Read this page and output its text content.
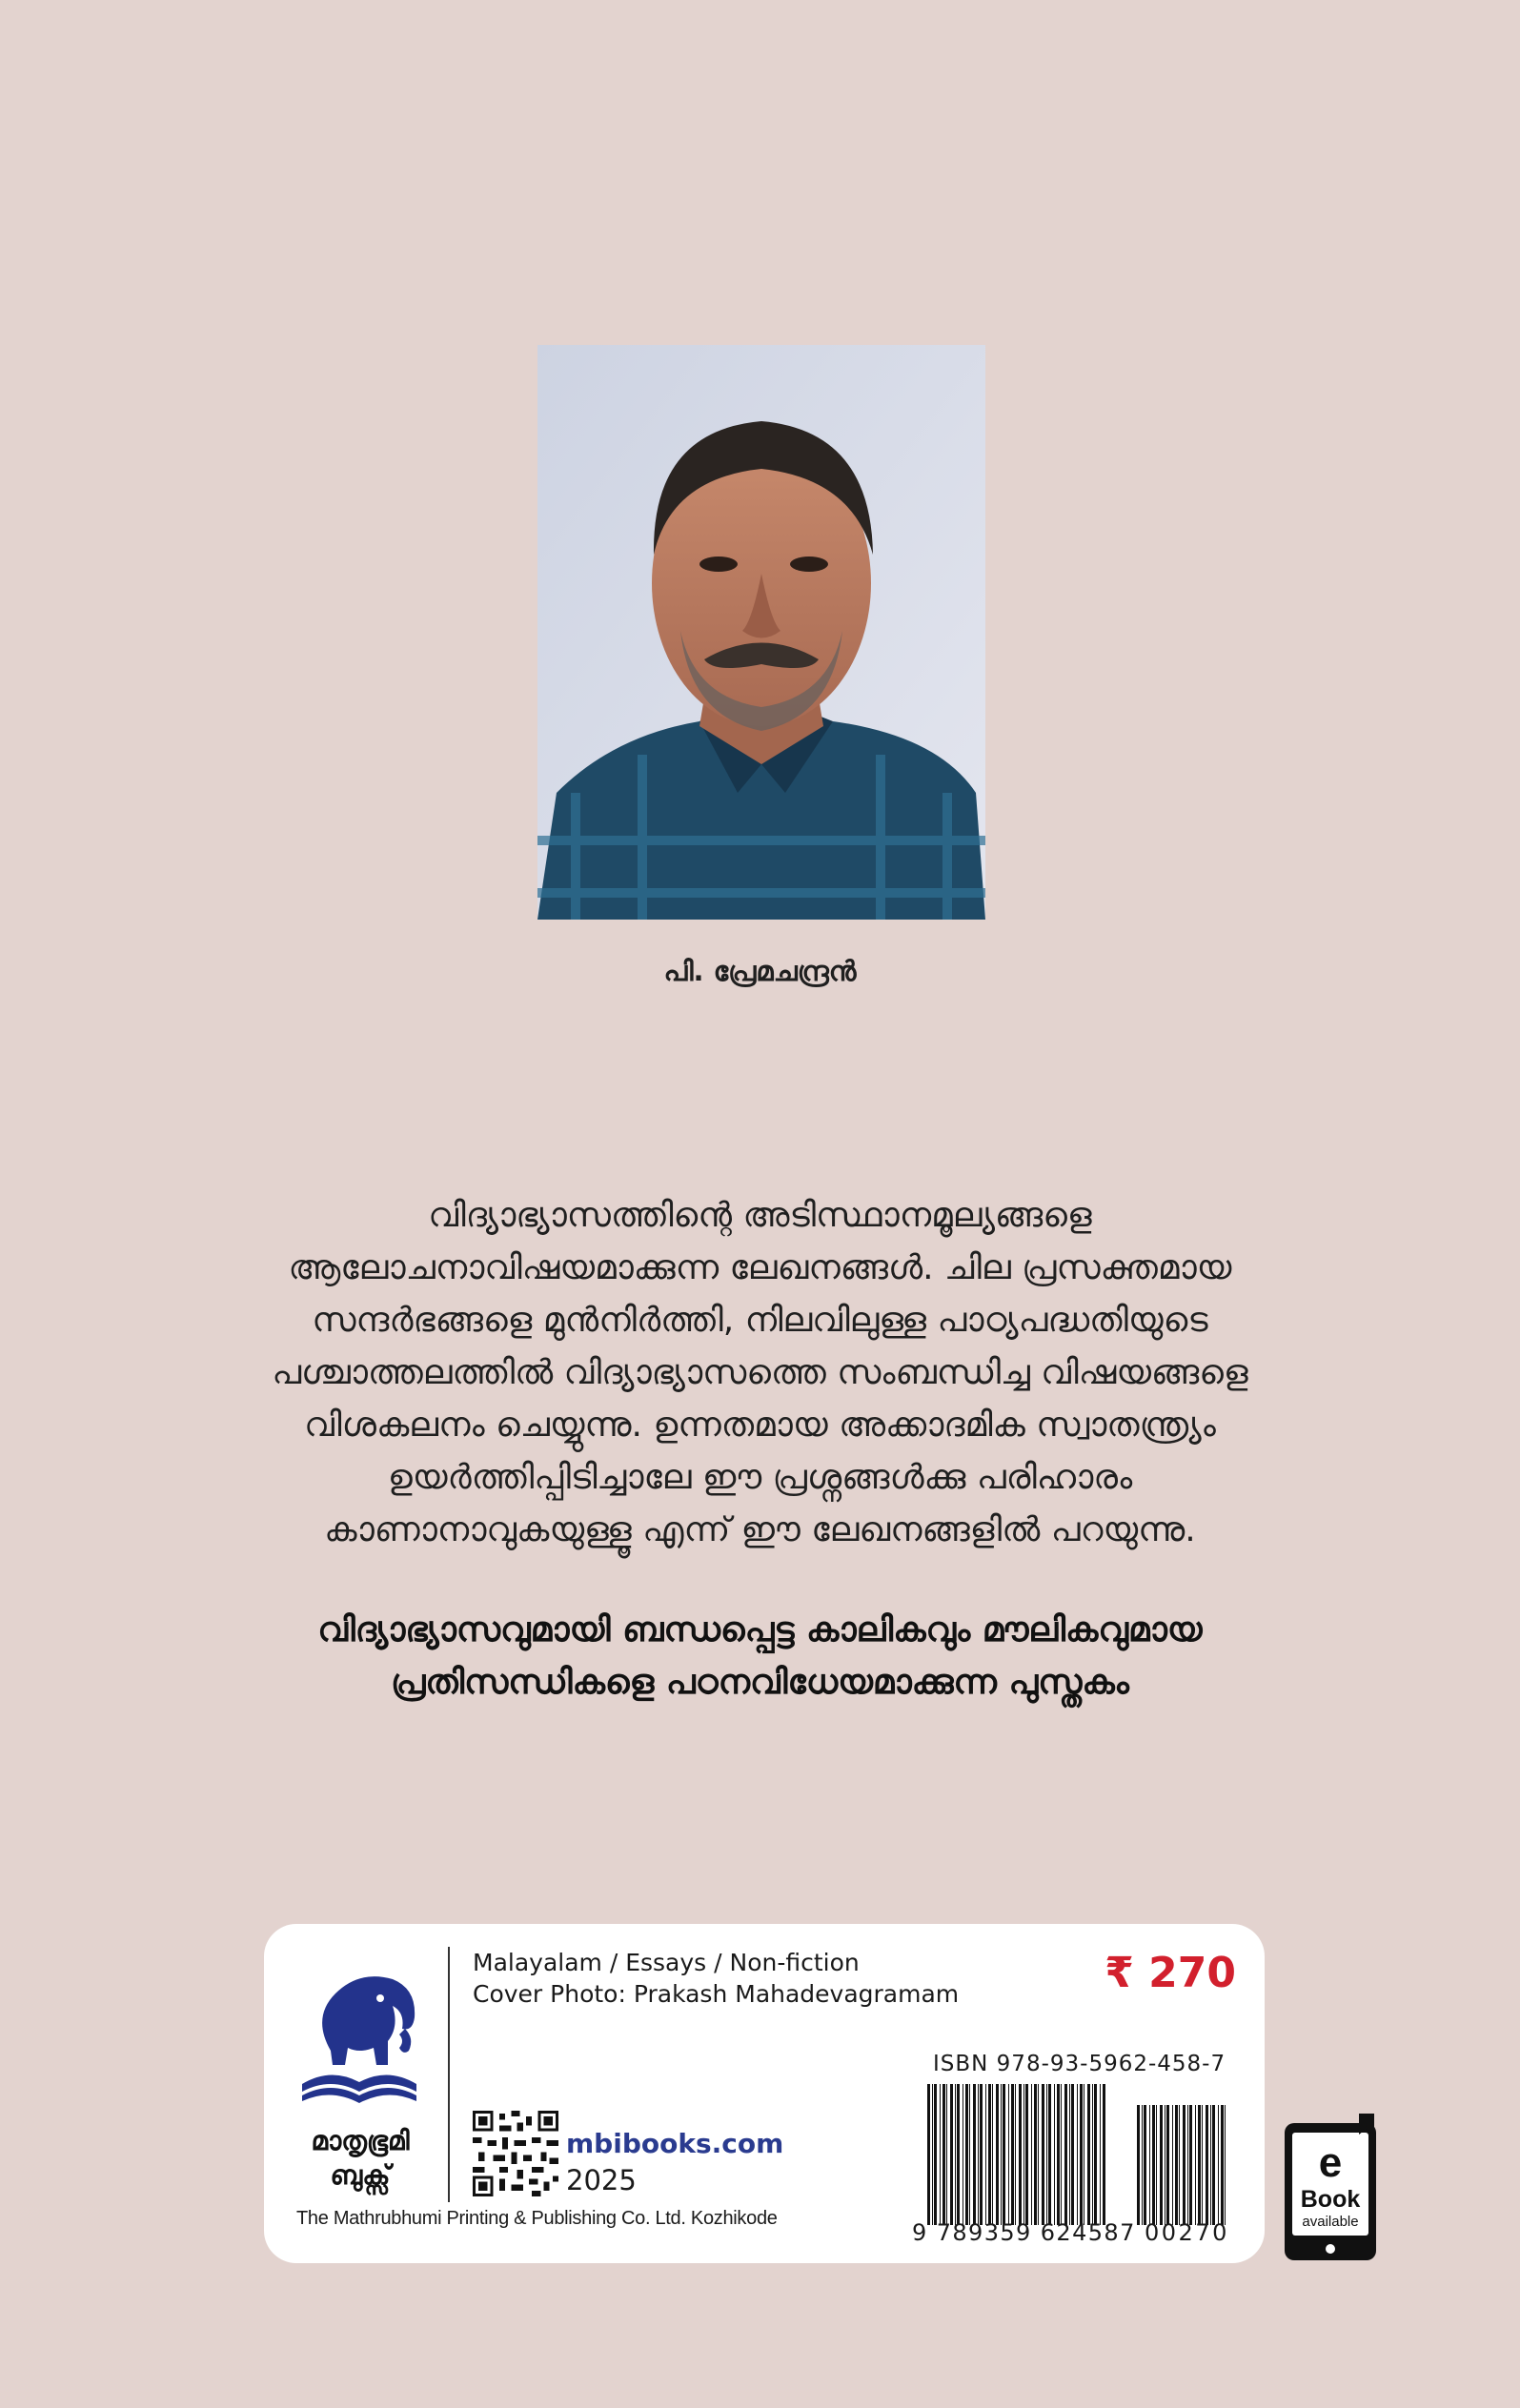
പി. പ്രേമചന്ദ്രൻ
വിദ്യാഭ്യാസത്തിന്റെ അടിസ്ഥാനമൂല്യങ്ങളെ
ആലോചനാവിഷയമാക്കുന്ന ലേഖനങ്ങൾ. ചില പ്രസക്തമായ
സന്ദർഭങ്ങളെ മുൻനിർത്തി, നിലവിലുള്ള പാഠ്യപദ്ധതിയുടെ
പശ്ചാത്തലത്തിൽ വിദ്യാഭ്യാസത്തെ സംബന്ധിച്ച വിഷയങ്ങളെ
വിശകലനം ചെയ്യുന്നു. ഉന്നതമായ അക്കാദമിക സ്വാതന്ത്ര്യം
ഉയർത്തിപ്പിടിച്ചാലേ ഈ പ്രശ്നങ്ങൾക്കു പരിഹാരം
കാണാനാവുകയുള്ളൂ എന്ന് ഈ ലേഖനങ്ങളിൽ പറയുന്നു.
വിദ്യാഭ്യാസവുമായി ബന്ധപ്പെട്ട കാലികവും മൗലികവുമായ
പ്രതിസന്ധികളെ പഠനവിധേയമാക്കുന്ന പുസ്തകം
മാതൃഭൂമി
ബുക്സ്
The Mathrubhumi Printing & Publishing Co. Ltd. Kozhikode
Malayalam / Essays / Non-fiction
Cover Photo: Prakash Mahadevagramam	₹ 270
mbibooks.com
2025
ISBN 978-93-5962-458-7
9 789359 624587 00270
e
Book
available
